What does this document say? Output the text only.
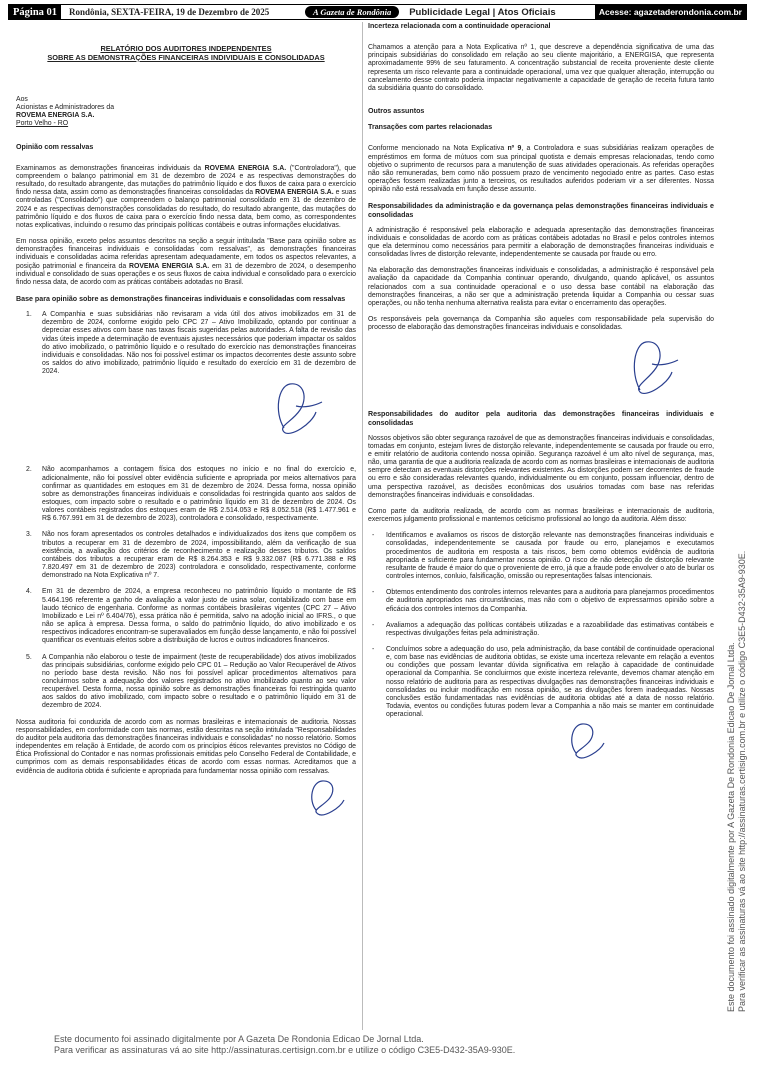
Página 01	Rondônia, SEXTA-FEIRA, 19 de Dezembro de 2025	A Gazeta de Rondônia	Publicidade Legal | Atos Oficiais	Acesse: agazetaderondonia.com.br
RELATÓRIO DOS AUDITORES INDEPENDENTES
SOBRE AS DEMONSTRAÇÕES FINANCEIRAS INDIVIDUAIS E CONSOLIDADAS
Aos
Acionistas e Administradores da
ROVEMA ENERGIA S.A.
Porto Velho - RO
Opinião com ressalvas

Examinamos as demonstrações financeiras individuais da ROVEMA ENERGIA S.A. ("Controladora"), que compreendem o balanço patrimonial em 31 de dezembro de 2024 e as respectivas demonstrações do resultado, do resultado abrangente, das mutações do patrimônio líquido e dos fluxos de caixa para o exercício findo nessa data, assim como as demonstrações financeiras consolidadas da ROVEMA ENERGIA S.A. e suas controladas ("Consolidado") que compreendem o balanço patrimonial consolidado em 31 de dezembro de 2024 e as respectivas demonstrações consolidadas do resultado, do resultado abrangente, das mutações do patrimônio líquido e dos fluxos de caixa para o exercício findo nessa data, bem como, as correspondentes notas explicativas, incluindo o resumo das principais políticas contábeis e outras informações elucidativas.

Em nossa opinião, exceto pelos assuntos descritos na seção a seguir intitulada "Base para opinião sobre as demonstrações financeiras individuais e consolidadas com ressalvas", as demonstrações financeiras individuais e consolidadas acima referidas apresentam adequadamente, em todos os aspectos relevantes, a posição patrimonial e financeira da ROVEMA ENERGIA S.A. em 31 de dezembro de 2024, o desempenho individual e consolidado de suas operações e os seus fluxos de caixa individual e consolidado para o exercício findo nessa data, de acordo com as práticas contábeis adotadas no Brasil.

Base para opinião sobre as demonstrações financeiras individuais e consolidadas com ressalvas
1.	A Companhia e suas subsidiárias não revisaram a vida útil dos ativos imobilizados em 31 de dezembro de 2024, conforme exigido pelo CPC 27 – Ativo Imobilizado, optando por continuar a depreciar esses ativos com base nas taxas fiscais sugeridas pelas autoridades. A falta de revisão das vidas úteis impede a determinação de eventuais ajustes necessários que poderiam impactar os saldos do ativo imobilizado, o patrimônio líquido e o resultado do exercício nas demonstrações financeiras individuais e consolidadas. Não nos foi possível estimar os impactos decorrentes deste assunto sobre os saldos do ativo imobilizado, patrimônio líquido e resultado do exercício em 31 de dezembro de 2024.
2.	Não acompanhamos a contagem física dos estoques no início e no final do exercício e, adicionalmente, não foi possível obter evidência suficiente e apropriada por meios alternativos para confirmar as quantidades em estoques em 31 de dezembro de 2024. Dessa forma, nossa opinião sobre as demonstrações financeiras individuais e consolidadas foi restringida quanto aos saldos de estoques, com impacto sobre o resultado e o patrimônio líquido em 31 de dezembro de 2024. Os valores contábeis registrados dos estoques eram de R$ 2.514.053 e R$ 8.052.518 (R$ 1.477.961 e R$ 6.767.991 em 31 de dezembro de 2023), controladora e consolidado, respectivamente.
3.	Não nos foram apresentados os controles detalhados e individualizados dos itens que compõem os tributos a recuperar em 31 de dezembro de 2024, impossibilitando, além da verificação de sua existência, a avaliação dos critérios de reconhecimento e realização desses tributos. Os saldos contábeis dos tributos a recuperar eram de R$ 8.264.353 e R$ 9.332.087 (R$ 6.771.388 e R$ 7.820.497 em 31 de dezembro de 2023) controladora e consolidado, respectivamente, conforme demonstrado na Nota Explicativa nº 7.
4.	Em 31 de dezembro de 2024, a empresa reconheceu no patrimônio líquido o montante de R$ 5.464.196 referente a ganho de avaliação a valor justo de usina solar, contabilizado com base em laudo técnico de engenharia. Conforme as normas contábeis brasileiras vigentes (CPC 27 – Ativo Imobilizado e Lei nº 6.404/76), essa prática não é permitida, salvo na adoção inicial ao IFRS., o que não se aplica à empresa. Dessa forma, o saldo do patrimônio líquido, do ativo imobilizado e os respectivos indicadores encontram-se superavaliados em função desse lançamento, e não foi possível quantificar os eventuais efeitos sobre a distribuição de lucros e outros indicadores financeiros.
5.	A Companhia não elaborou o teste de impairment (teste de recuperabilidade) dos ativos imobilizados das principais subsidiárias, conforme exigido pelo CPC 01 – Redução ao Valor Recuperável de Ativos no período base desta revisão. Não nos foi possível aplicar procedimentos alternativos para concluirmos sobre a adequação dos valores registrados no ativo imobilizado quanto ao seu valor recuperável. Desta forma, nossa opinião sobre as demonstrações financeiras foi restringida quanto aos saldos do ativo imobilizado, com impacto sobre o resultado e o patrimônio líquido em 31 de dezembro de 2024.

Nossa auditoria foi conduzida de acordo com as normas brasileiras e internacionais de auditoria. Nossas responsabilidades, em conformidade com tais normas, estão descritas na seção intitulada "Responsabilidades do auditor pela auditoria das demonstrações financeiras individuais e consolidadas" no nosso relatório. Somos independentes em relação à Entidade, de acordo com os princípios éticos relevantes previstos no Código de Ética Profissional do Contador e nas normas profissionais emitidas pelo Conselho Federal de Contabilidade, e cumprimos com as demais responsabilidades éticas de acordo com essas normas. Acreditamos que a evidência de auditoria obtida é suficiente e apropriada para fundamentar nossa opinião com ressalvas.

Incerteza relacionada com a continuidade operacional

Chamamos a atenção para a Nota Explicativa nº 1, que descreve a dependência significativa de uma das principais subsidiárias do consolidado em relação ao seu cliente majoritário, a ENERGISA, que representa aproximadamente 99% de seu faturamento. A concentração substancial de receita proveniente deste cliente representa um risco relevante para a continuidade operacional, uma vez que qualquer alteração, interrupção ou cancelamento desse contrato poderia impactar negativamente a capacidade de geração de receita futura tanto da subsidiária quanto do consolidado.

Outros assuntos
Transações com partes relacionadas

Conforme mencionado na Nota Explicativa nº 9, a Controladora e suas subsidiárias realizam operações de empréstimos em forma de mútuos com sua principal quotista e demais empresas relacionadas, tendo como objetivo o suprimento de recursos para a manutenção de suas atividades operacionais. As referidas operações não são remuneradas, bem como não possuem prazo de vencimento negociado entre as partes. Caso estas operações fossem realizadas junto a terceiros, os resultados auferidos poderiam vir a ser diferentes. Nossa opinião não está ressalvada em função desse assunto.

Responsabilidades da administração e da governança pelas demonstrações financeiras individuais e consolidadas

A administração é responsável pela elaboração e adequada apresentação das demonstrações financeiras individuais e consolidadas de acordo com as práticas contábeis adotadas no Brasil e pelos controles internos que ela determinou como necessários para permitir a elaboração de demonstrações financeiras individuais e consolidadas livres de distorção relevante, independentemente se causada por fraude ou erro.

Na elaboração das demonstrações financeiras individuais e consolidadas, a administração é responsável pela avaliação da capacidade da Companhia continuar operando, divulgando, quando aplicável, os assuntos relacionados com a sua continuidade operacional e o uso dessa base contábil na elaboração das demonstrações financeiras, a não ser que a administração pretenda liquidar a Companhia ou cessar suas operações, ou não tenha nenhuma alternativa realista para evitar o encerramento das operações.

Os responsáveis pela governança da Companhia são aqueles com responsabilidade pela supervisão do processo de elaboração das demonstrações financeiras individuais e consolidadas.

Responsabilidades do auditor pela auditoria das demonstrações financeiras individuais e consolidadas

Nossos objetivos são obter segurança razoável de que as demonstrações financeiras individuais e consolidadas, tomadas em conjunto, estejam livres de distorção relevante, independentemente se causada por fraude ou erro, e emitir relatório de auditoria contendo nossa opinião. Segurança razoável é um alto nível de segurança, mas, não, uma garantia de que a auditoria realizada de acordo com as normas brasileiras e internacionais de auditoria sempre detectam as eventuais distorções relevantes existentes. As distorções podem ser decorrentes de fraude ou erro e são consideradas relevantes quando, individualmente ou em conjunto, possam influenciar, dentro de uma perspectiva razoável, as decisões econômicas dos usuários tomadas com base nas referidas demonstrações financeiras individuais e consolidadas.

Como parte da auditoria realizada, de acordo com as normas brasileiras e internacionais de auditoria, exercemos julgamento profissional e mantemos ceticismo profissional ao longo da auditoria. Além disso:

-	Identificamos e avaliamos os riscos de distorção relevante nas demonstrações financeiras individuais e consolidadas, independentemente se causada por fraude ou erro, planejamos e executamos procedimentos de auditoria em resposta a tais riscos, bem como obtemos evidência de auditoria apropriada e suficiente para fundamentar nossa opinião. O risco de não detecção de distorção relevante resultante de fraude é maior do que o proveniente de erro, já que a fraude pode envolver o ato de burlar os controles internos, conluio, falsificação, omissão ou representações falsas intencionais.
-	Obtemos entendimento dos controles internos relevantes para a auditoria para planejarmos procedimentos de auditoria apropriados nas circunstâncias, mas não com o objetivo de expressarmos opinião sobre a eficácia dos controles internos da Companhia.
-	Avaliamos a adequação das políticas contábeis utilizadas e a razoabilidade das estimativas contábeis e respectivas divulgações feitas pela administração.
-	Concluímos sobre a adequação do uso, pela administração, da base contábil de continuidade operacional e, com base nas evidências de auditoria obtidas, se existe uma incerteza relevante em relação a eventos ou condições que possam levantar dúvida significativa em relação à capacidade de continuidade operacional da Companhia. Se concluirmos que existe incerteza relevante, devemos chamar atenção em nosso relatório de auditoria para as respectivas divulgações nas demonstrações financeiras individuais e consolidadas ou incluir modificação em nossa opinião, se as divulgações forem inadequadas. Nossas conclusões estão fundamentadas nas evidências de auditoria obtidas até a data de nosso relatório. Todavia, eventos ou condições futuras podem levar a Companhia a não mais se manter em continuidade operacional.	Este documento foi assinado digitalmente por A Gazeta De Rondonia Edicao De Jornal Ltda. Para verificar as assinaturas vá ao site http://assinaturas.certisign.com.br e utilize o código C3E5-D432-35A9-930E.
Este documento foi assinado digitalmente por A Gazeta De Rondonia Edicao De Jornal Ltda.
Para verificar as assinaturas vá ao site http://assinaturas.certisign.com.br e utilize o código C3E5-D432-35A9-930E.
